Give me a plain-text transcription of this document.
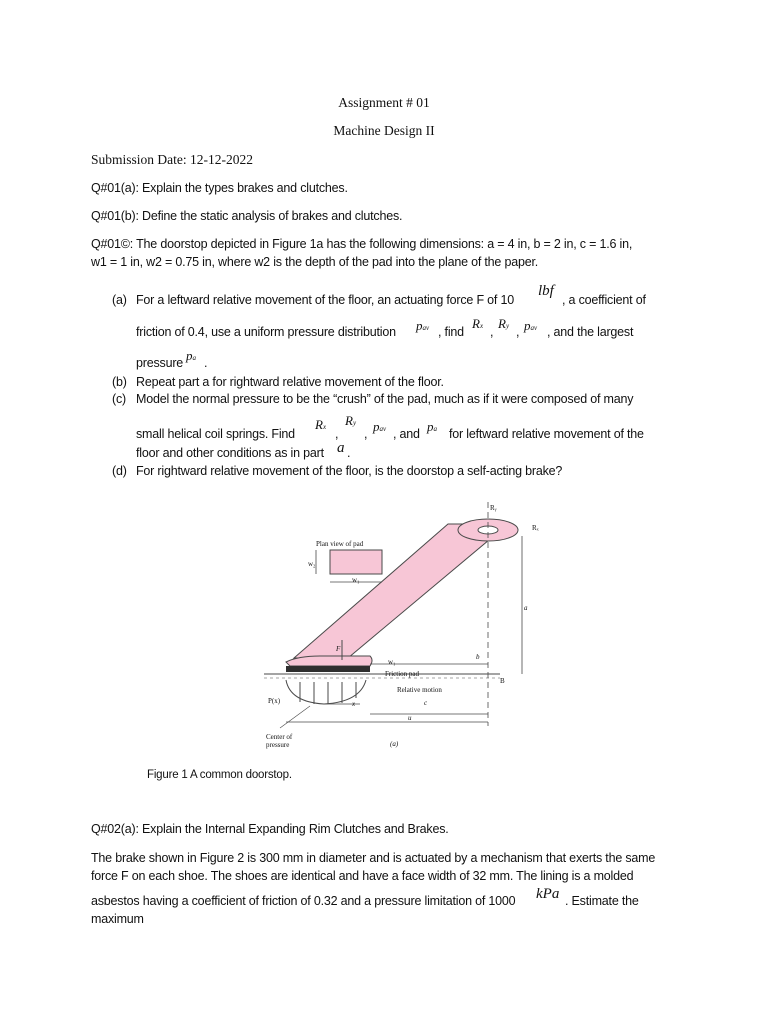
Assignment # 01
Machine Design II
Submission Date: 12-12-2022
Q#01(a): Explain the types brakes and clutches.
Q#01(b): Define the static analysis of brakes and clutches.
Q#01©: The doorstop depicted in Figure 1a has the following dimensions: a = 4 in, b = 2 in, c = 1.6 in,
w1 = 1 in, w2 = 0.75 in, where w2 is the depth of the pad into the plane of the paper.
(a) For a leftward relative movement of the floor, an actuating force F of 10
lbf
, a coefficient of
friction of 0.4, use a uniform pressure distribution pav , find
Rx ,
Ry , pav , and the largest
pressure pa .
(b) Repeat part a for rightward relative movement of the floor.
(c) Model the normal pressure to be the “crush” of the pad, much as if it were composed of many
small helical coil springs. Find
Rx ,
Ry
, pav , and pa for leftward relative movement of the
floor and other conditions as in part a .
(d) For rightward relative movement of the floor, is the doorstop a self-acting brake?
Plan view of pad
w₂
w₁
Rᵧ
Rₓ
a
F
w₁
b
Friction pad
B
Relative motion
P(x)	x	c
u
Center of pressure	(a)
Figure 1 A common doorstop.
Q#02(a): Explain the Internal Expanding Rim Clutches and Brakes.
The brake shown in Figure 2 is 300 mm in diameter and is actuated by a mechanism that exerts the same
force F on each shoe. The shoes are identical and have a face width of 32 mm. The lining is a molded
asbestos having a coefficient of friction of 0.32 and a pressure limitation of 1000 kPa . Estimate the
maximum
